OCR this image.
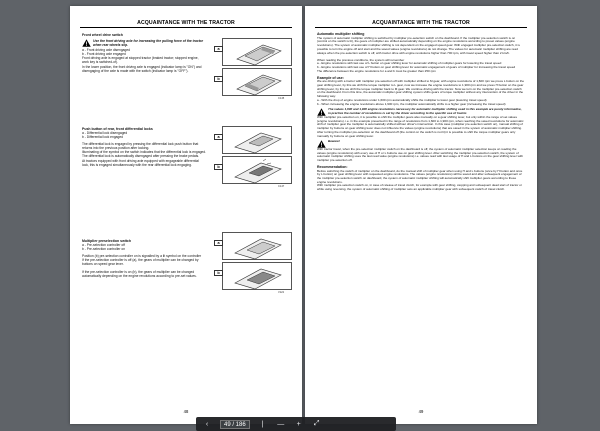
ACQUAINTANCE WITH THE TRACTOR

Front wheel drive switch

Use the front driving axle for increasing the pulling force of the tractor when rear wheels slip.

a - Front driving axle disengaged

b - Front driving axle engaged

Front driving axle is engaged at stopped tractor (braked tractor; stopped engine, work key is switched-of).

In the lower position, the front driving axle is engaged (indicator lamp is "ON") and disengaging of the axle is made with the switch (indicator lamp is "OFF").

Push button of rear, front differential locks

a - Differential lock disengaged

b - Differential lock engaged

The differential lock is engaged by pressing the differential lock push button that returns into the previous position after locking.

Illuminating of the symbol on the switch indicates that the differential lock is engaged.

The differential lock is automatically disengaged after pressing the brake pedals.

At tractors equipped with front driving axle equipped with engageable differential lock, this is engaged simultaneously with the rear differential lock engaging.

Multiplier preselection switch

a - Pre-selection controller off

b - Pre-selection controller on

Position (b) pre-selection controller on is signalled by a lit symbol on the controller

If the pre-selection controller is off (a), the gears of multiplier can be changed by buttons on speed gear lever.

If the pre-selection controller is on (b), the gears of multiplier can be changed automatically depending on the engine revolutions according to pre-set values.

a
b
C145
a
b
C147
a
b
V122
48
ACQUAINTANCE WITH THE TRACTOR

Automatic multiplier shifting

The system of automatic multiplier shifting is switched by multiplier pre-selection switch on the dashboard. If the multiplier pre-selection switch is on (control on the switch is lit), the gears of multiplier are shifted automatically depending on the engine revolutions according to preset values (engine revolutions). The system of automatic multiplier shifting is not dependent on the engaged speed gear. With engaged multiplier pre-selection switch, it is possible to turn the engine off and start and the saved values (engine revolutions) do not change. The values for automatic multiplier shifting are read always when the pre-selection switch is off, with tractor drive with engine revolutions higher than 700 rpm, with travel speed higher than 2 km/h.

When reading the previous conditions, the system will remember

a - Engine revolutions with last use of L button on gear shifting lever for automatic shifting of multiplier gears for lowering the travel speed

b - Engine revolutions with last use of H button on gear shifting lever for automatic engagement of gears of multiplier for increasing the travel speed

The difference between the engine revolutions for a and b must be greater than 250 rpm

Example of use:

We are driving with a tractor with multiplier pre-selection off with multiplier shifted to M gear, with engine revolutions of 1,600 rpm we press L button on the gear shifting lever, by this we shift the torque multiplier to L gear, now we increase the engine revolutions to 1,900 rpm and we press H button on the gear shifting lever, by this we shift the torque multiplier back to M gear. We continue driving with the tractor. Now we turn on the multiplier pre-selection switch on the dashboard. From this time, the automatic multiplier gear shifting system shifts gears of torque multiplier without any intervention of the driver in the following way:

a - With the drop of engine revolutions under 1,600 rpm automatically shifts the multiplier to lower gear (lowering travel speed)

b - When increasing the engine revolutions above 1,900 rpm, the multiplier automatically shifts to a higher gear (increasing the travel speed)

The values 1,600 and 1,900 engine revolutions necessary for automatic multiplier shifting used in this example are purely informative, in practice the number of revolutions is set by the driver according to the specific use of tractor.

With multiplier pre-selection on, it is possible to shift the multiplier gears also manually on a gear shifting lever, but only within the range of set values (engine revolutions). i.e. in the example presented in the range of revolutions from 1,600 to 1,900 rpm, when reaching the saved revolutions for automatic shift of multiplier gear the multiplier is automatically shifted without driver's intervention. In this case (multiplier pre-selection switch on), manual shifting of multiplier by buttons on gear shifting lever does not influence the values (engine revolutions) that are saved in the system of automatic multiplier shifting. After turning the multiplier pre-selection on the dashboard off (the control on the switch is not lit) it is possible to shift the torque multiplier gears only manually by buttons on gear shifting lever.

Beware!

With tractor travel, when the pre-selection multiplier switch on the dashboard is off, the system of automatic multiplier selection keeps on reading the values (engine revolutions) with every use of H or L buttons use on gear shifting lever. After switching the multiplier pre-selection switch, the system of automatic multiplier shifting uses the last read value (engine revolutions) i.e. values read with last usage of H and L buttons on the gear shifting lever with multiplier pre-selection off.

Recommendation:

Before switching the switch of multiplier on the dashboard, do the manual shift of multiplier gear when using H and L buttons (once by H button and once by L button) on gear shifting lever with requested engine revolutions. The values (engine revolutions) will be saved and after subsequent engagement of the multiplier pre-selection switch on dashboard, the system of automatic multiplier shifting will automatically shift multiplier gears according to these engine revolutions.

With multiplier pre-selection switch on, in case of release of travel clutch, for example with gear shifting, stopping and subsequent dead start of tractor or while using reversing, the system of automatic shifting of multiplier sets an applicable multiplier gear with subsequent switch of travel clutch.

49
‹	49 / 186	|	—	+	⤢
